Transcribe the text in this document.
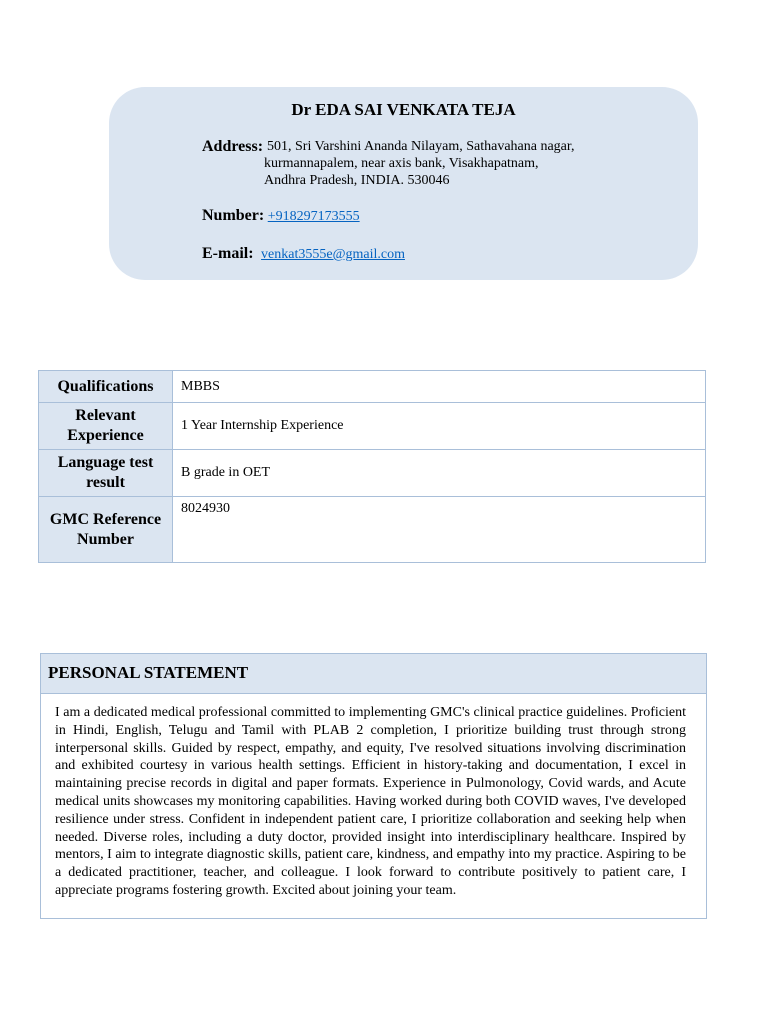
Dr EDA SAI VENKATA TEJA
Address: 501, Sri Varshini Ananda Nilayam, Sathavahana nagar,
kurmannapalem, near axis bank, Visakhapatnam,
Andhra Pradesh, INDIA. 530046
Number: +918297173555
E-mail: venkat3555e@gmail.com
Qualifications	MBBS
Relevant Experience	1 Year Internship Experience
Language test result	B grade in OET
GMC Reference Number	8024930
PERSONAL STATEMENT
I am a dedicated medical professional committed to implementing GMC's clinical practice guidelines. Proficient in Hindi, English, Telugu and Tamil with PLAB 2 completion, I prioritize building trust through strong interpersonal skills. Guided by respect, empathy, and equity, I've resolved situations involving discrimination and exhibited courtesy in various health settings. Efficient in history-taking and documentation, I excel in maintaining precise records in digital and paper formats. Experience in Pulmonology, Covid wards, and Acute medical units showcases my monitoring capabilities. Having worked during both COVID waves, I've developed resilience under stress. Confident in independent patient care, I prioritize collaboration and seeking help when needed. Diverse roles, including a duty doctor, provided insight into interdisciplinary healthcare. Inspired by mentors, I aim to integrate diagnostic skills, patient care, kindness, and empathy into my practice. Aspiring to be a dedicated practitioner, teacher, and colleague. I look forward to contribute positively to patient care, I appreciate programs fostering growth. Excited about joining your team.
